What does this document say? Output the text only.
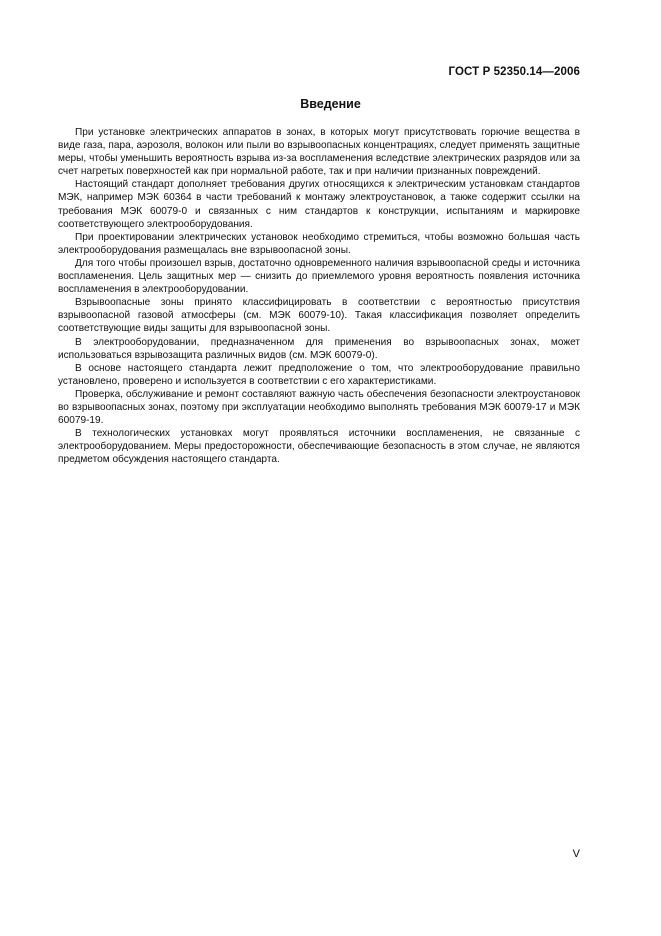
ГОСТ Р 52350.14—2006
Введение

При установке электрических аппаратов в зонах, в которых могут присутствовать горючие вещества в виде газа, пара, аэрозоля, волокон или пыли во взрывоопасных концентрациях, следует применять защитные меры, чтобы уменьшить вероятность взрыва из-за воспламенения вследствие электрических разрядов или за счет нагретых поверхностей как при нормальной работе, так и при наличии признанных повреждений.

Настоящий стандарт дополняет требования других относящихся к электрическим установкам стандартов МЭК, например МЭК 60364 в части требований к монтажу электроустановок, а также содержит ссылки на требования МЭК 60079-0 и связанных с ним стандартов к конструкции, испытаниям и маркировке соответствующего электрооборудования.

При проектировании электрических установок необходимо стремиться, чтобы возможно большая часть электрооборудования размещалась вне взрывоопасной зоны.

Для того чтобы произошел взрыв, достаточно одновременного наличия взрывоопасной среды и источника воспламенения. Цель защитных мер — снизить до приемлемого уровня вероятность появления источника воспламенения в электрооборудовании.

Взрывоопасные зоны принято классифицировать в соответствии с вероятностью присутствия взрывоопасной газовой атмосферы (см. МЭК 60079-10). Такая классификация позволяет определить соответствующие виды защиты для взрывоопасной зоны.

В электрооборудовании, предназначенном для применения во взрывоопасных зонах, может использоваться взрывозащита различных видов (см. МЭК 60079-0).

В основе настоящего стандарта лежит предположение о том, что электрооборудование правильно установлено, проверено и используется в соответствии с его характеристиками.

Проверка, обслуживание и ремонт составляют важную часть обеспечения безопасности электроустановок во взрывоопасных зонах, поэтому при эксплуатации необходимо выполнять требования МЭК 60079-17 и МЭК 60079-19.

В технологических установках могут проявляться источники воспламенения, не связанные с электрооборудованием. Меры предосторожности, обеспечивающие безопасность в этом случае, не являются предметом обсуждения настоящего стандарта.

V
